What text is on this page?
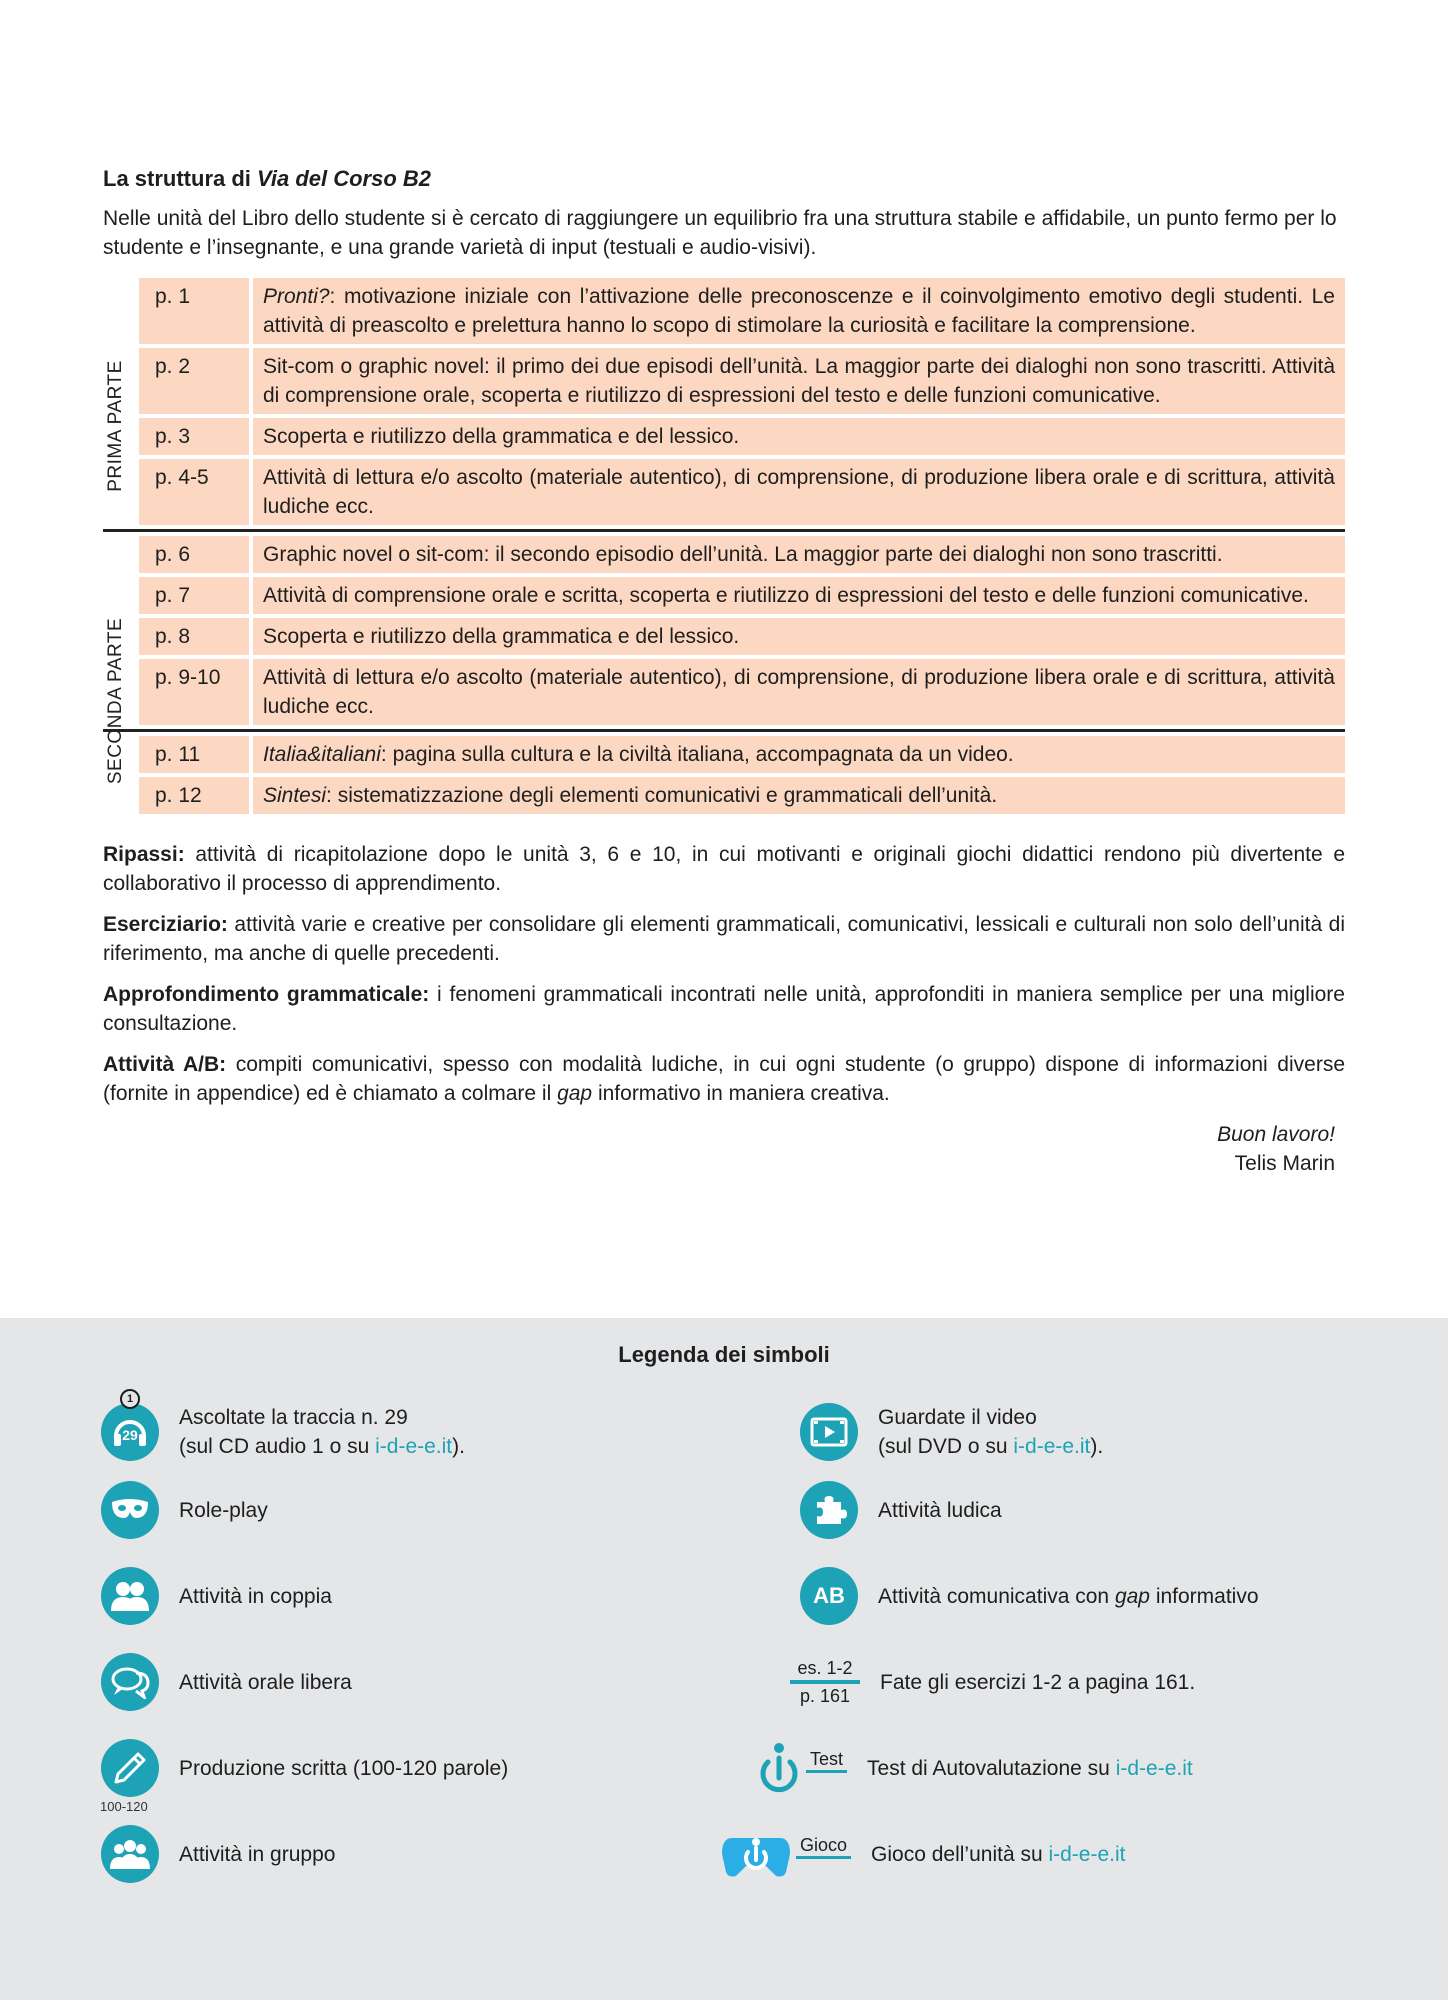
La struttura di Via del Corso B2

Nelle unità del Libro dello studente si è cercato di raggiungere un equilibrio fra una struttura stabile e affidabile, un punto fermo per lo studente e l’insegnante, e una grande varietà di input (testuali e audio-visivi).

PRIMA PARTE
SECONDA PARTE
p. 1	Pronti?: motivazione iniziale con l’attivazione delle preconoscenze e il coinvolgimento emotivo degli studenti. Le attività di preascolto e prelettura hanno lo scopo di stimolare la curiosità e facilitare la comprensione.
p. 2	Sit-com o graphic novel: il primo dei due episodi dell’unità. La maggior parte dei dialoghi non sono trascritti. Attività di comprensione orale, scoperta e riutilizzo di espressioni del testo e delle funzioni comunicative.
p. 3	Scoperta e riutilizzo della grammatica e del lessico.
p. 4-5	Attività di lettura e/o ascolto (materiale autentico), di comprensione, di produzione libera orale e di scrittura, attività ludiche ecc.
p. 6	Graphic novel o sit-com: il secondo episodio dell’unità. La maggior parte dei dialoghi non sono trascritti.
p. 7	Attività di comprensione orale e scritta, scoperta e riutilizzo di espressioni del testo e delle funzioni comunicative.
p. 8	Scoperta e riutilizzo della grammatica e del lessico.
p. 9-10	Attività di lettura e/o ascolto (materiale autentico), di comprensione, di produzione libera orale e di scrittura, attività ludiche ecc.
p. 11	Italia&italiani: pagina sulla cultura e la civiltà italiana, accompagnata da un video.
p. 12	Sintesi: sistematizzazione degli elementi comunicativi e grammaticali dell’unità.

Ripassi: attività di ricapitolazione dopo le unità 3, 6 e 10, in cui motivanti e originali giochi didattici rendono più divertente e collaborativo il processo di apprendimento.

Eserciziario: attività varie e creative per consolidare gli elementi grammaticali, comunicativi, lessicali e culturali non solo dell’unità di riferimento, ma anche di quelle precedenti.

Approfondimento grammaticale: i fenomeni grammaticali incontrati nelle unità, approfonditi in maniera semplice per una migliore consultazione.

Attività A/B: compiti comunicativi, spesso con modalità ludiche, in cui ogni studente (o gruppo) dispone di informazioni diverse (fornite in appendice) ed è chiamato a colmare il gap informativo in maniera creativa.

Buon lavoro!
Telis Marin
Legenda dei simboli
29
1
Ascoltate la traccia n. 29
(sul CD audio 1 o su i-d-e-e.it).
Role-play
Attività in coppia
Attività orale libera
Produzione scritta (100-120 parole)
100-120
Attività in gruppo
Guardate il video
(sul DVD o su i-d-e-e.it).
Attività ludica
AB	Attività comunicativa con gap informativo
es. 1-2
p. 161
Fate gli esercizi 1-2 a pagina 161.
Test Test di Autovalutazione su i-d-e-e.it
Gioco Gioco dell’unità su i-d-e-e.it
